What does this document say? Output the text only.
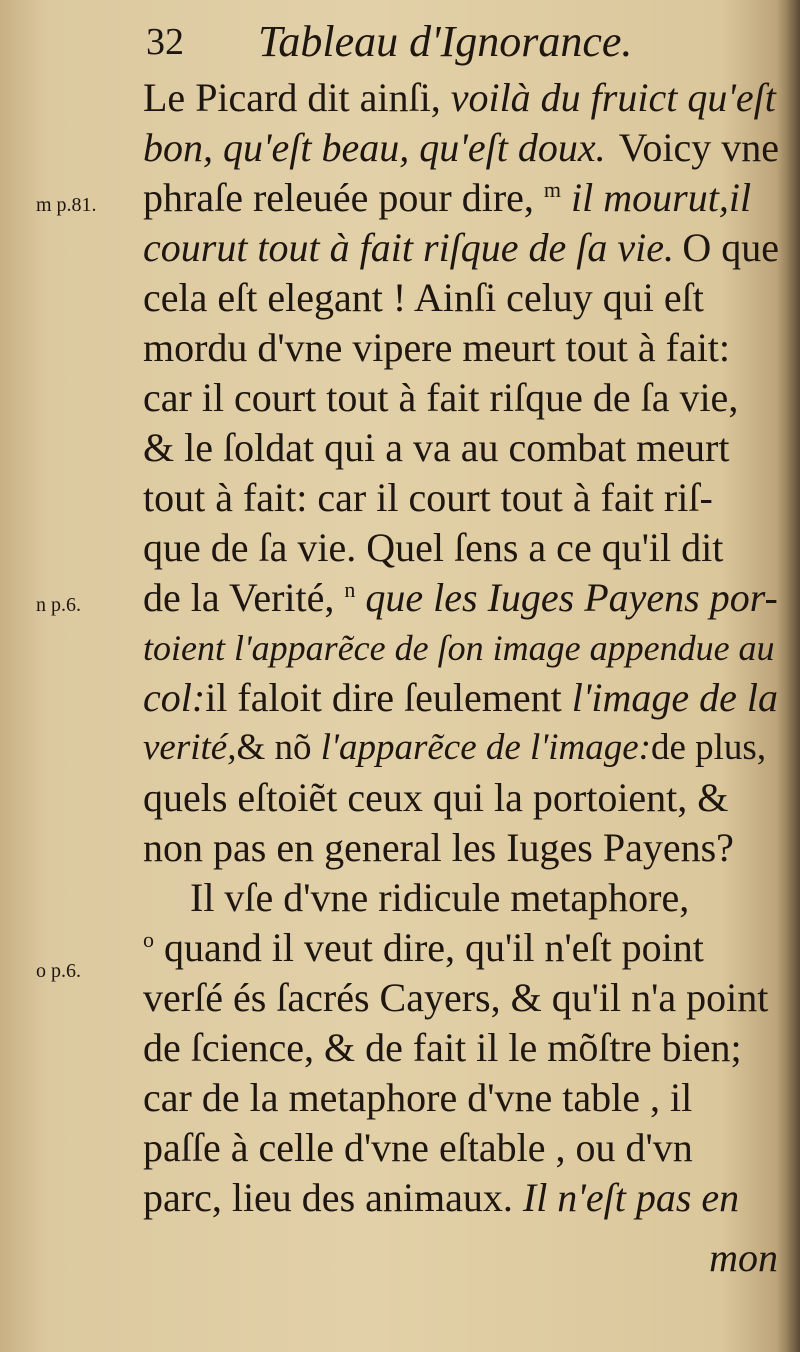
32 Tableau d'Ignorance.
m p.81.
n p.6.
o p.6.
Le Picard dit ainſi, voilà du fruict qu'eſt
bon, qu'eſt beau, qu'eſt doux. Voicy vne
phraſe releuée pour dire, $^m$ il mourut,il
courut tout à fait riſque de ſa vie. O que
cela eſt elegant ! Ainſi celuy qui eſt
mordu d'vne vipere meurt tout à fait:
car il court tout à fait riſque de ſa vie,
& le ſoldat qui a va au combat meurt
tout à fait: car il court tout à fait riſ-
que de ſa vie. Quel ſens a ce qu'il dit
de la Verité, $^n$ que les Iuges Payens por-
toient l'apparẽce de ſon image appendue au
col:il faloit dire ſeulement l'image de la
verité,& nõ l'apparẽce de l'image:de plus,
quels eſtoiẽt ceux qui la portoient, &
non pas en general les Iuges Payens?
Il vſe d'vne ridicule metaphore,
$^o$ quand il veut dire, qu'il n'eſt point
verſé és ſacrés Cayers, & qu'il n'a point
de ſcience, & de fait il le mõſtre bien;
car de la metaphore d'vne table , il
paſſe à celle d'vne eſtable , ou d'vn
parc, lieu des animaux. Il n'eſt pas en
mon
